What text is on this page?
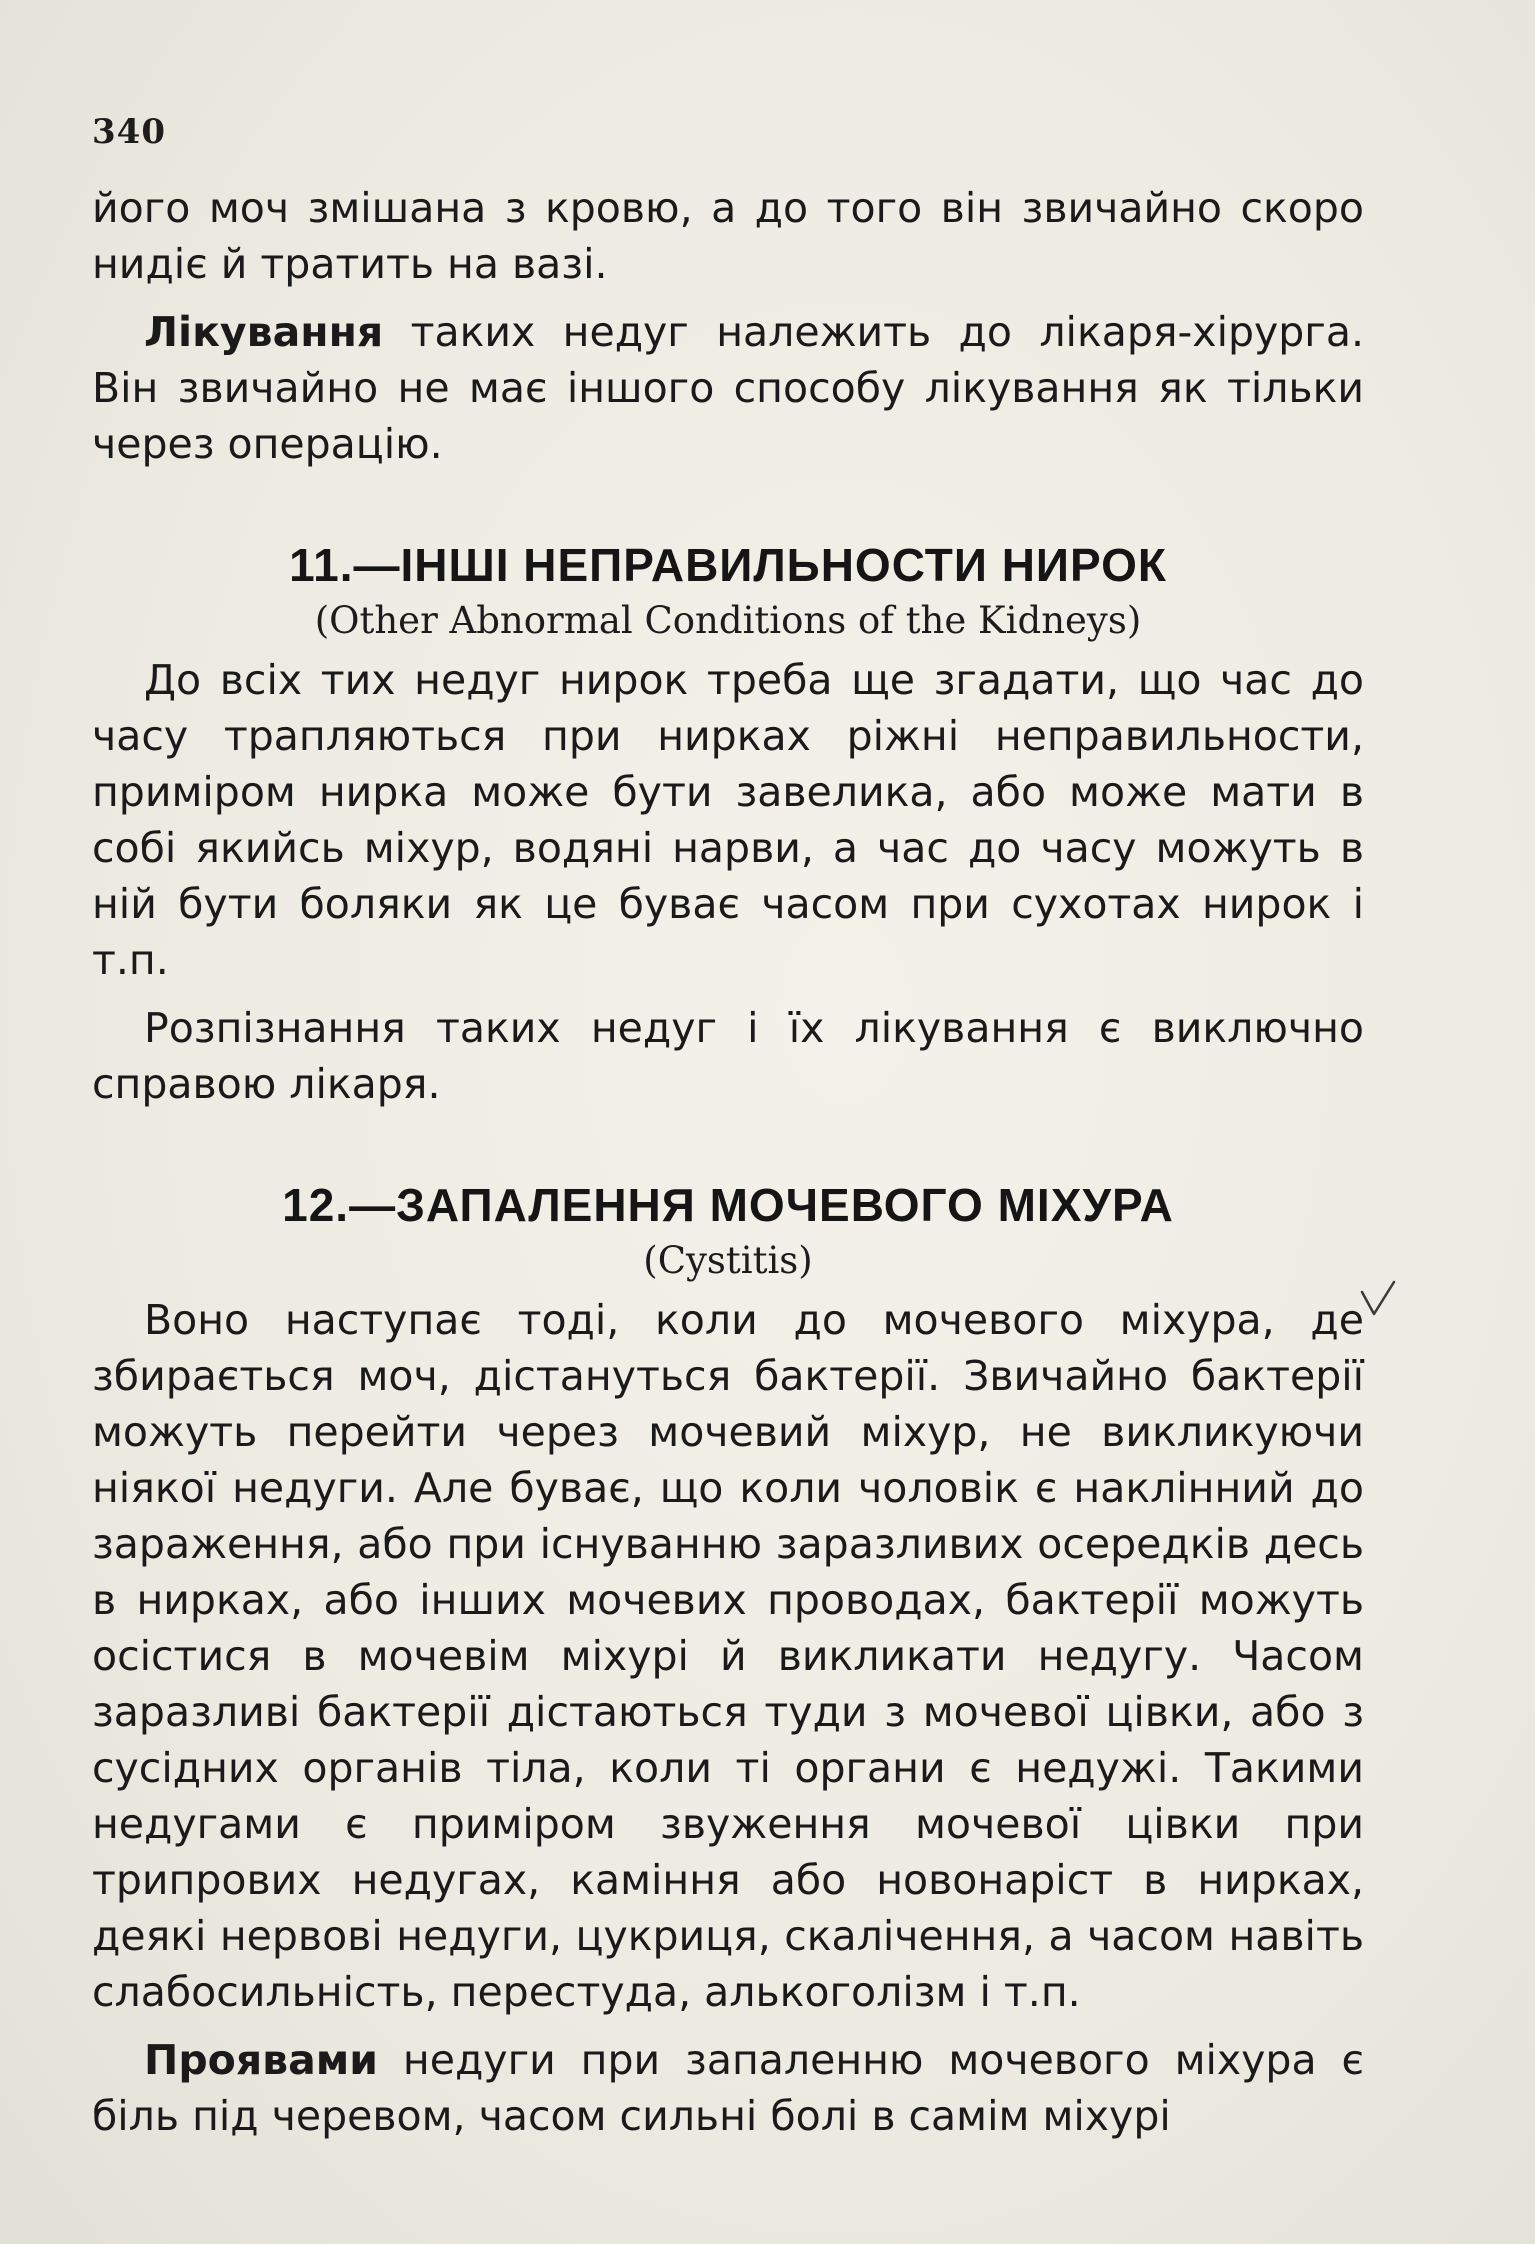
340

його моч змішана з кровю, а до того він звичайно скоро нидіє й тратить на вазі.

Лікування таких недуг належить до лікаря-хірурга. Він звичайно не має іншого способу лікування як тільки через операцію.

11.—ІНШІ НЕПРАВИЛЬНОСТИ НИРОК
(Other Abnormal Conditions of the Kidneys)

До всіх тих недуг нирок треба ще згадати, що час до часу трапляються при нирках ріжні неправильности, приміром нирка може бути завелика, або може мати в собі якийсь міхур, водяні нарви, а час до часу можуть в ній бути боляки як це буває часом при сухотах нирок і т.п.

Розпізнання таких недуг і їх лікування є виключно справою лікаря.

12.—ЗАПАЛЕННЯ МОЧЕВОГО МІХУРА
(Cystitis)

Воно наступає тоді, коли до мочевого міхура, де збирається моч, дістануться бактерії. Звичайно бактерії можуть перейти через мочевий міхур, не викликуючи ніякої недуги. Але буває, що коли чоловік є наклінний до зараження, або при існуванню заразливих осередків десь в нирках, або інших мочевих проводах, бактерії можуть осістися в мочевім міхурі й викликати недугу. Часом заразливі бактерії дістаються туди з мочевої цівки, або з сусідних органів тіла, коли ті органи є недужі. Такими недугами є приміром звуження мочевої цівки при трипрових недугах, каміння або новонаріст в нирках, деякі нервові недуги, цукриця, скалічення, а часом навіть слабосильність, перестуда, алькоголізм і т.п.

Проявами недуги при запаленню мочевого міхура є біль під черевом, часом сильні болі в самім міхурі
